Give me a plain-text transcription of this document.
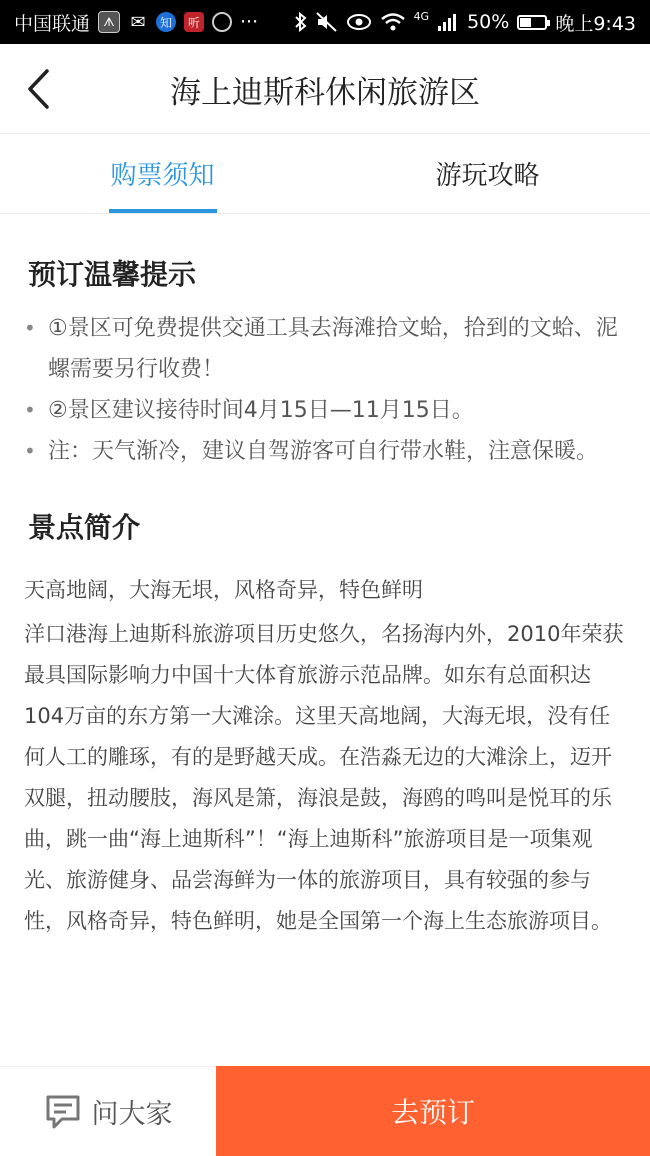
中国联通	ᗑ ✉	知	听 ···	4G 50% 晚上9:43
海上迪斯科休闲旅游区
购票须知	游玩攻略
预订温馨提示
• ①景区可免费提供交通工具去海滩拾文蛤，拾到的文蛤、泥螺需要另行收费！
• ②景区建议接待时间4月15日—11月15日。
• 注：天气渐冷，建议自驾游客可自行带水鞋，注意保暖。
景点简介
天高地阔，大海无垠，风格奇异，特色鲜明

洋口港海上迪斯科旅游项目历史悠久，名扬海内外，2010年荣获最具国际影响力中国十大体育旅游示范品牌。如东有总面积达104万亩的东方第一大滩涂。这里天高地阔，大海无垠，没有任何人工的雕琢，有的是野越天成。在浩淼无边的大滩涂上，迈开双腿，扭动腰肢，海风是箫，海浪是鼓，海鸥的鸣叫是悦耳的乐曲，跳一曲“海上迪斯科”！“海上迪斯科”旅游项目是一项集观光、旅游健身、品尝海鲜为一体的旅游项目，具有较强的参与性，风格奇异，特色鲜明，她是全国第一个海上生态旅游项目。

问大家	去预订
